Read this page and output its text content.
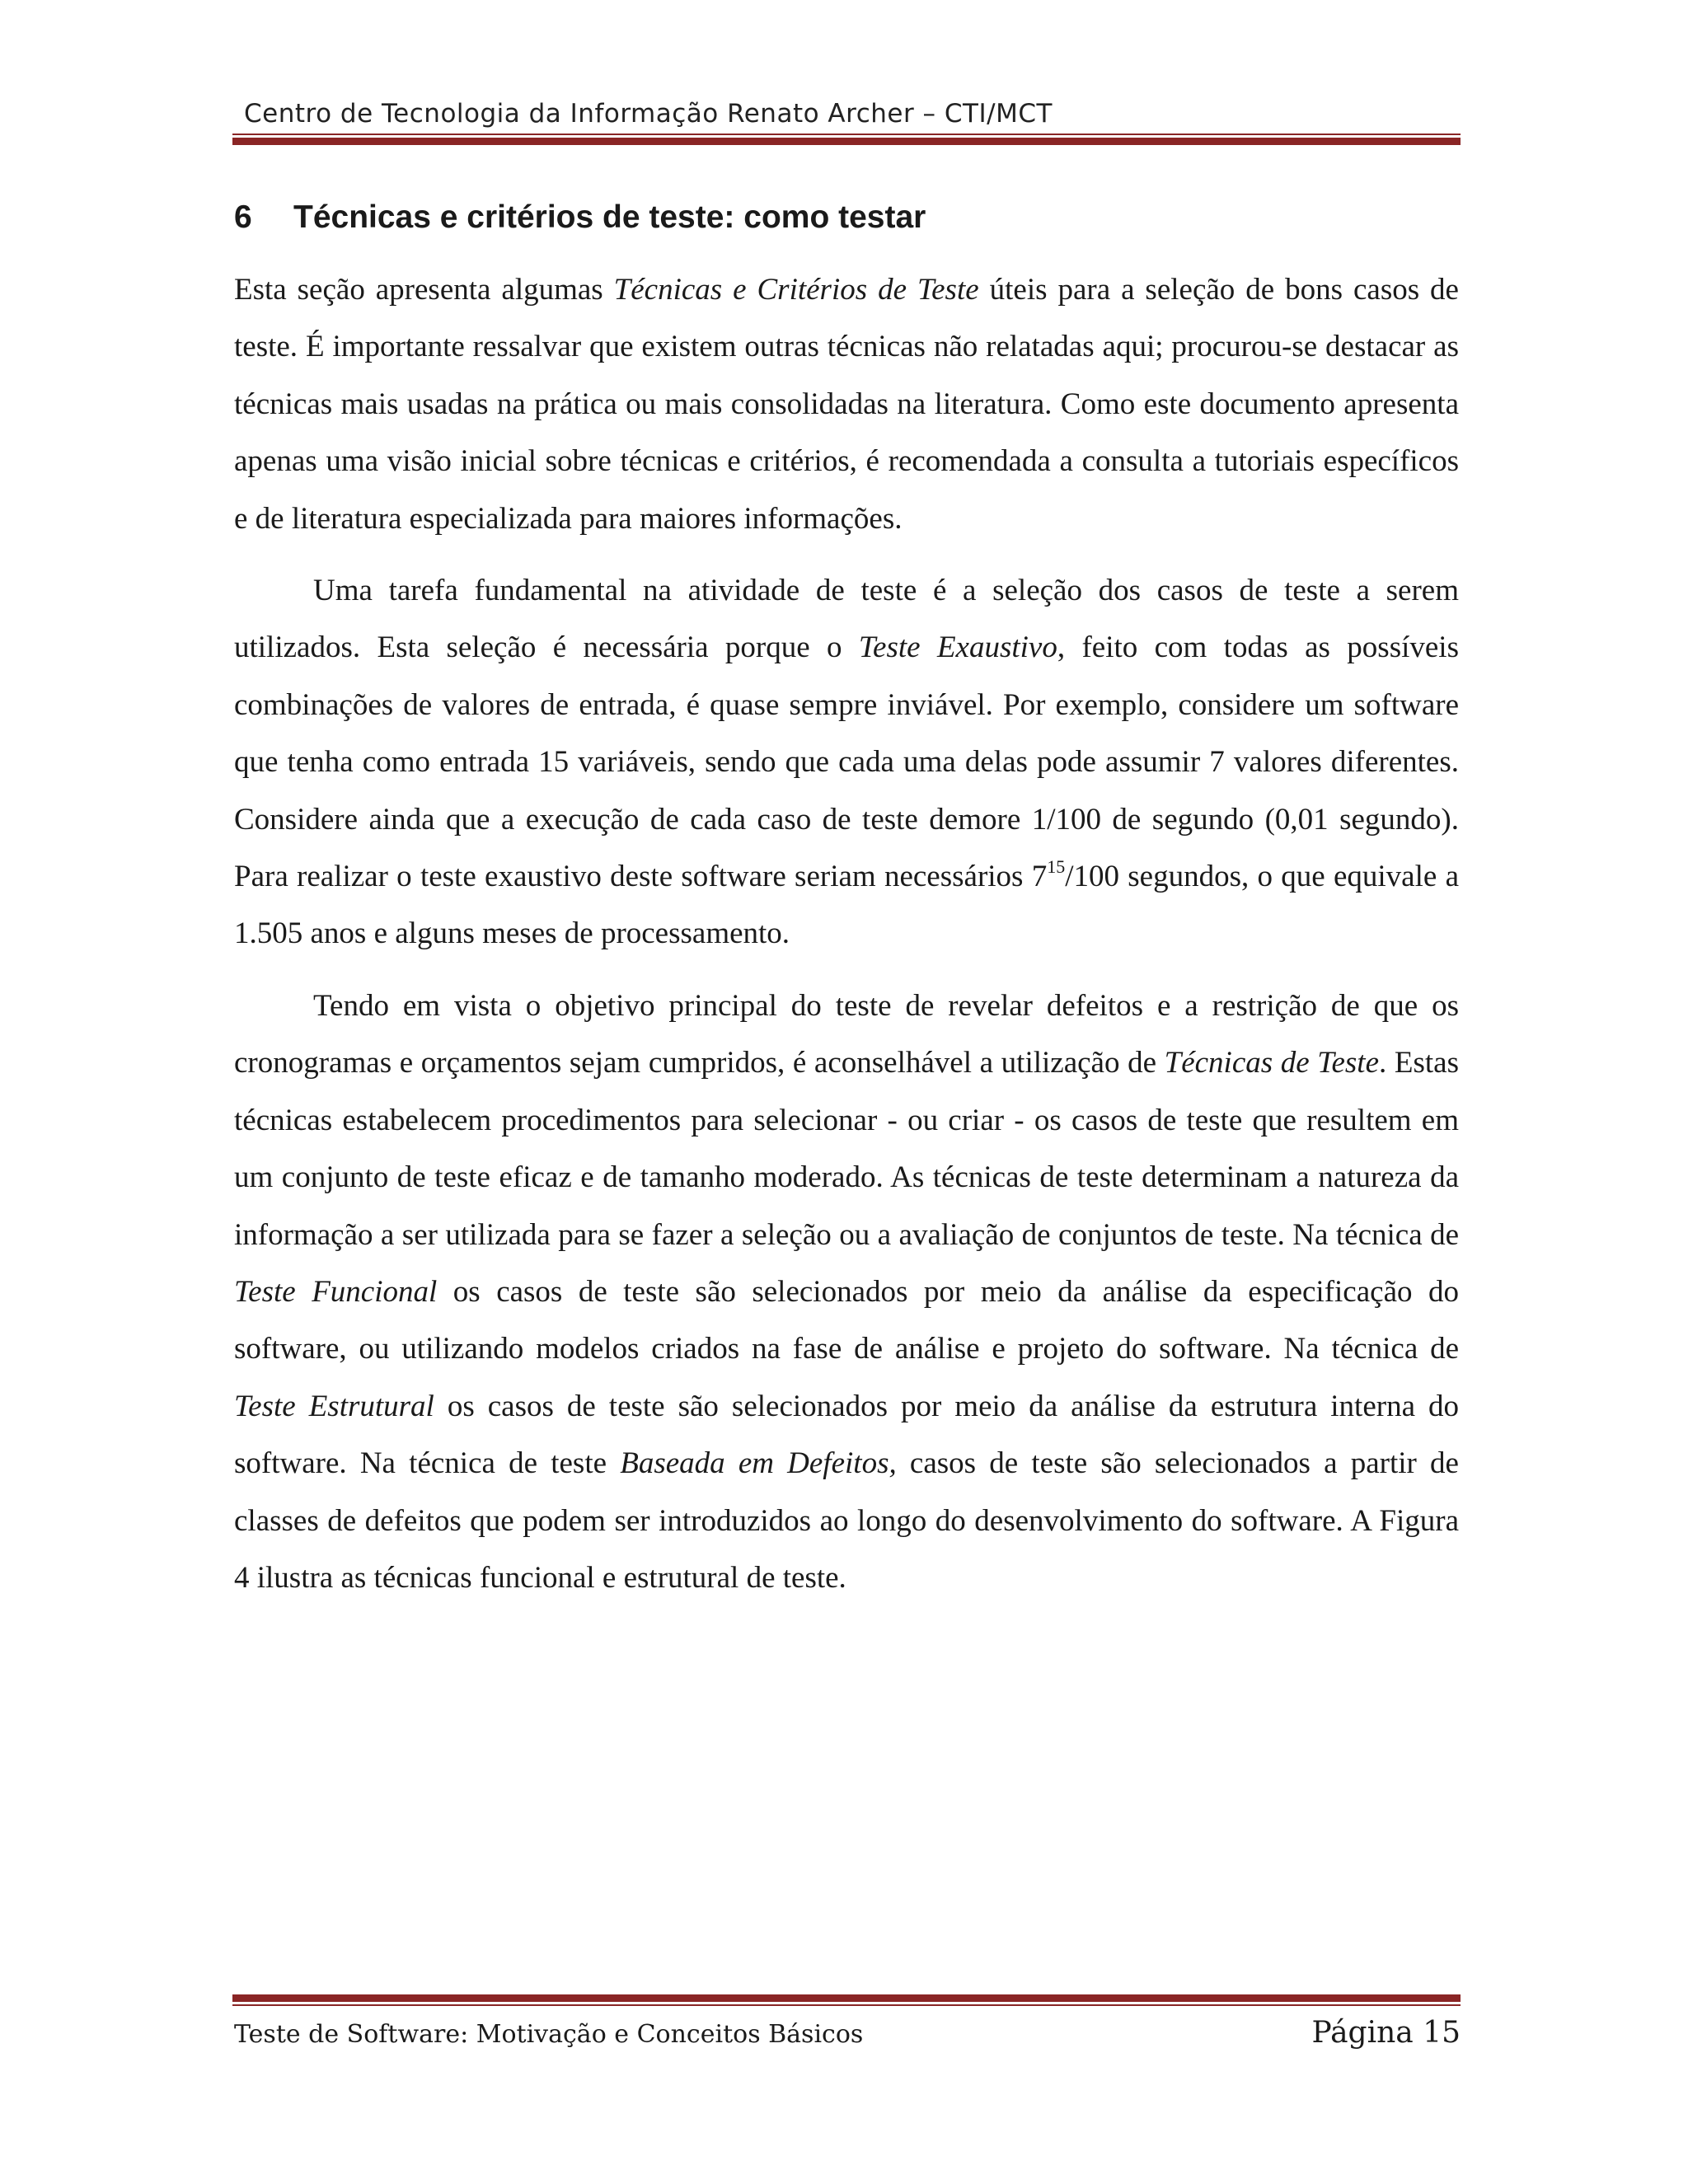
Centro de Tecnologia da Informação Renato Archer – CTI/MCT
6 Técnicas e critérios de teste: como testar

Esta seção apresenta algumas Técnicas e Critérios de Teste úteis para a seleção de bons casos de teste. É importante ressalvar que existem outras técnicas não relatadas aqui; procurou-se destacar as técnicas mais usadas na prática ou mais consolidadas na literatura. Como este documento apresenta apenas uma visão inicial sobre técnicas e critérios, é recomendada a consulta a tutoriais específicos e de literatura especializada para maiores informações.

Uma tarefa fundamental na atividade de teste é a seleção dos casos de teste a serem utilizados. Esta seleção é necessária porque o Teste Exaustivo, feito com todas as possíveis combinações de valores de entrada, é quase sempre inviável. Por exemplo, considere um software que tenha como entrada 15 variáveis, sendo que cada uma delas pode assumir 7 valores diferentes. Considere ainda que a execução de cada caso de teste demore 1/100 de segundo (0,01 segundo). Para realizar o teste exaustivo deste software seriam necessários $7^{15}/100$ segundos, o que equivale a 1.505 anos e alguns meses de processamento.

Tendo em vista o objetivo principal do teste de revelar defeitos e a restrição de que os cronogramas e orçamentos sejam cumpridos, é aconselhável a utilização de Técnicas de Teste. Estas técnicas estabelecem procedimentos para selecionar - ou criar - os casos de teste que resultem em um conjunto de teste eficaz e de tamanho moderado. As técnicas de teste determinam a natureza da informação a ser utilizada para se fazer a seleção ou a avaliação de conjuntos de teste. Na técnica de Teste Funcional os casos de teste são selecionados por meio da análise da especificação do software, ou utilizando modelos criados na fase de análise e projeto do software. Na técnica de Teste Estrutural os casos de teste são selecionados por meio da análise da estrutura interna do software. Na técnica de teste Baseada em Defeitos, casos de teste são selecionados a partir de classes de defeitos que podem ser introduzidos ao longo do desenvolvimento do software. A Figura 4 ilustra as técnicas funcional e estrutural de teste.

Teste de Software: Motivação e Conceitos Básicos	Página 15
